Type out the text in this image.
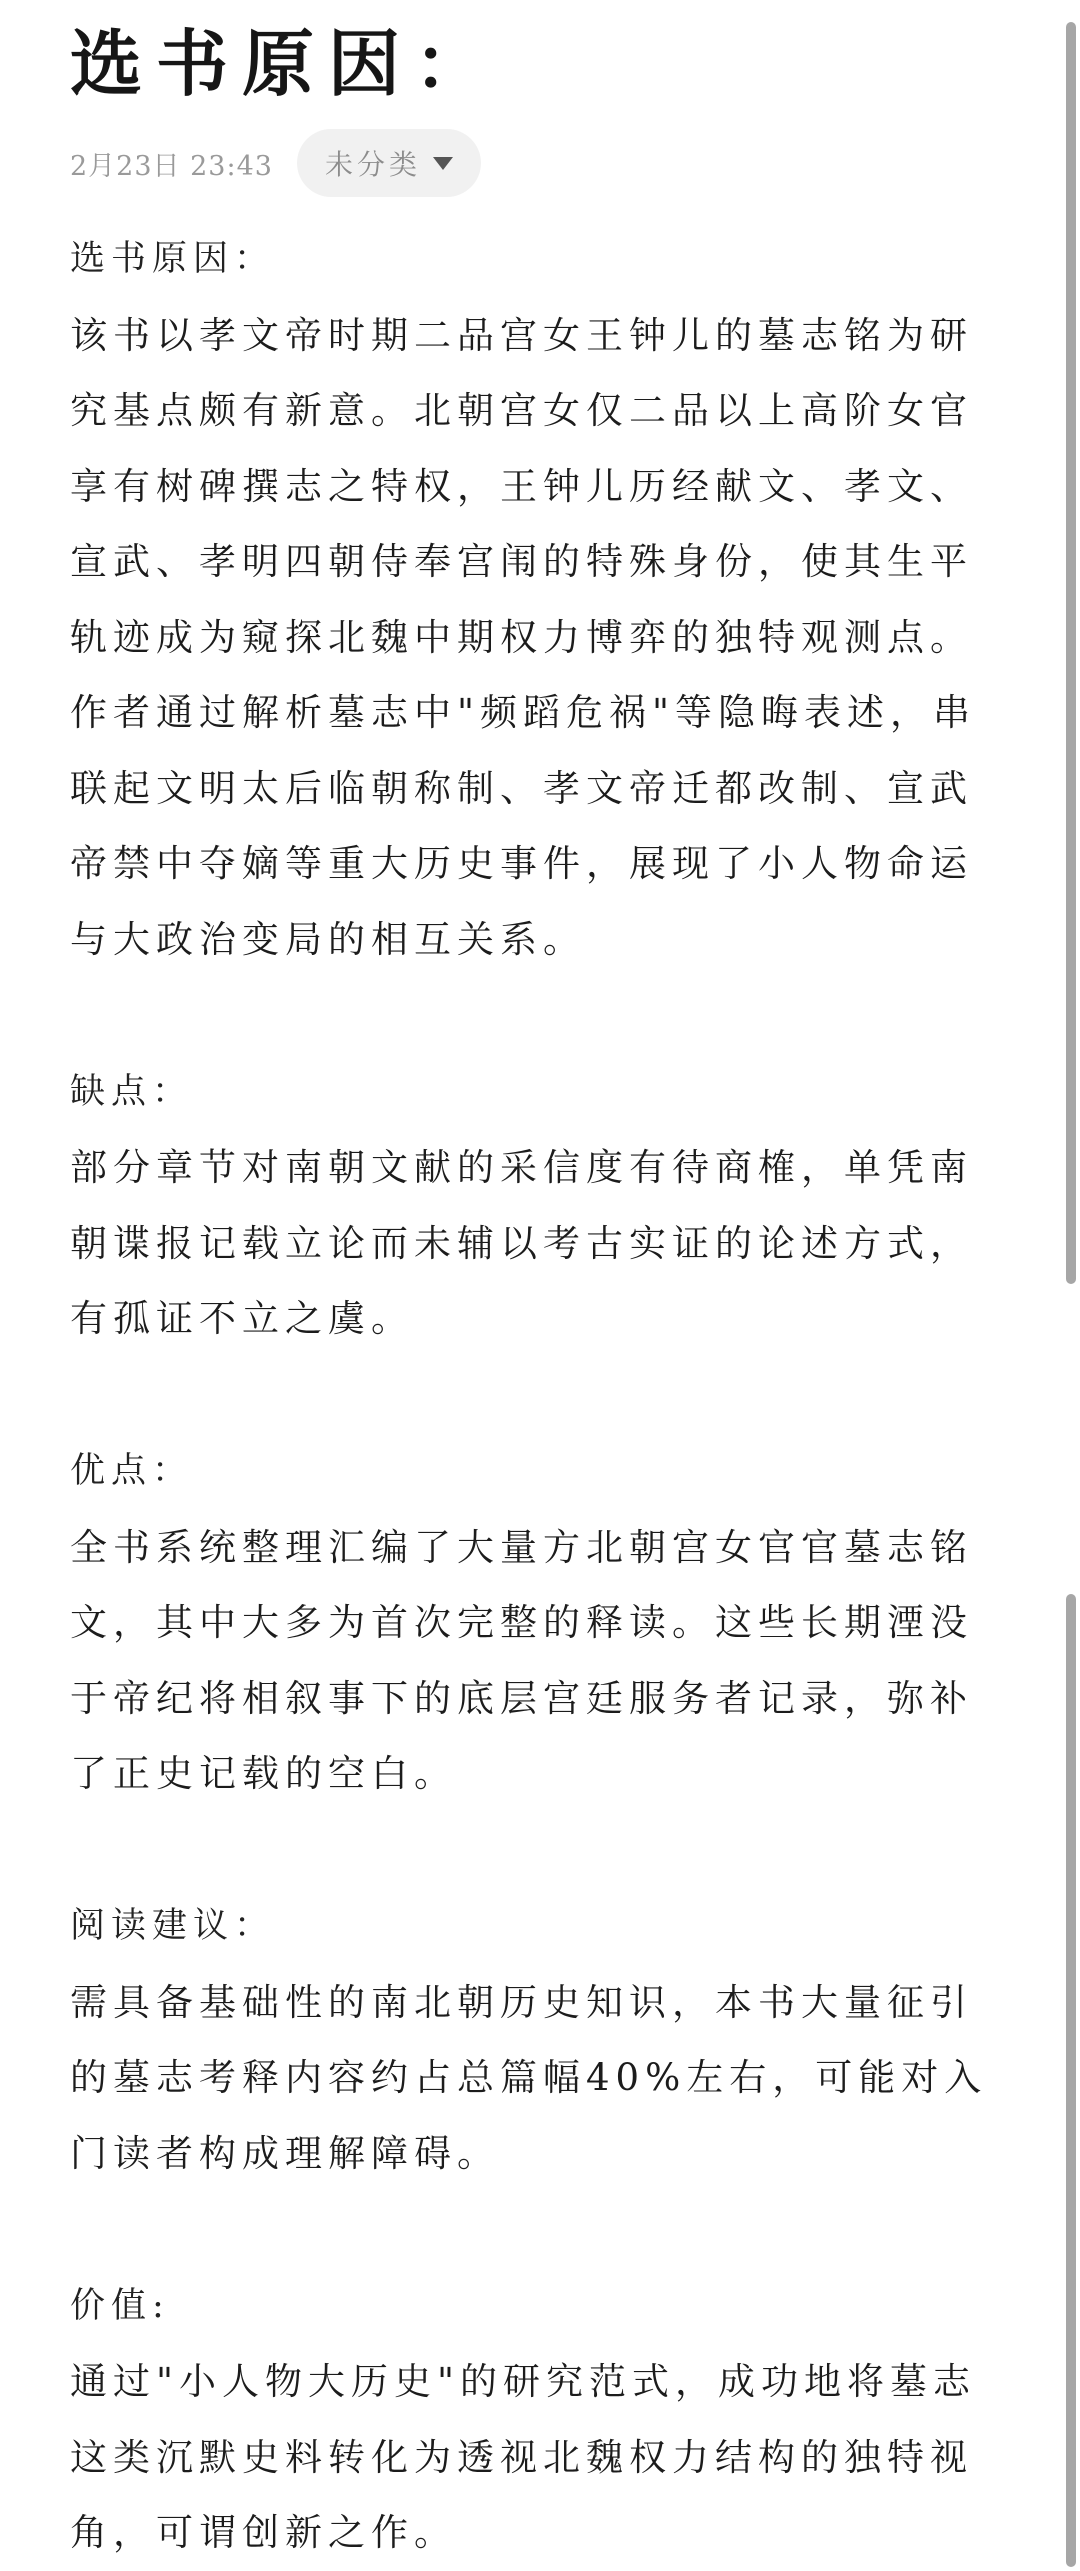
选书原因：
2月23日 23:43 未分类

选书原因：
该书以孝文帝时期二品宫女王钟儿的墓志铭为研究基点颇有新意。北朝宫女仅二品以上高阶女官享有树碑撰志之特权，王钟儿历经献文、孝文、宣武、孝明四朝侍奉宫闱的特殊身份，使其生平轨迹成为窥探北魏中期权力博弈的独特观测点。作者通过解析墓志中"频蹈危祸"等隐晦表述，串联起文明太后临朝称制、孝文帝迁都改制、宣武帝禁中夺嫡等重大历史事件，展现了小人物命运与大政治变局的相互关系。

缺点：
部分章节对南朝文献的采信度有待商榷，单凭南朝谍报记载立论而未辅以考古实证的论述方式，有孤证不立之虞。

优点：
全书系统整理汇编了大量方北朝宫女官官墓志铭文，其中大多为首次完整的释读。这些长期湮没于帝纪将相叙事下的底层宫廷服务者记录，弥补了正史记载的空白。

阅读建议：
需具备基础性的南北朝历史知识，本书大量征引的墓志考释内容约占总篇幅40%左右，可能对入门读者构成理解障碍。

价值:
通过"小人物大历史"的研究范式，成功地将墓志这类沉默史料转化为透视北魏权力结构的独特视角，可谓创新之作。
